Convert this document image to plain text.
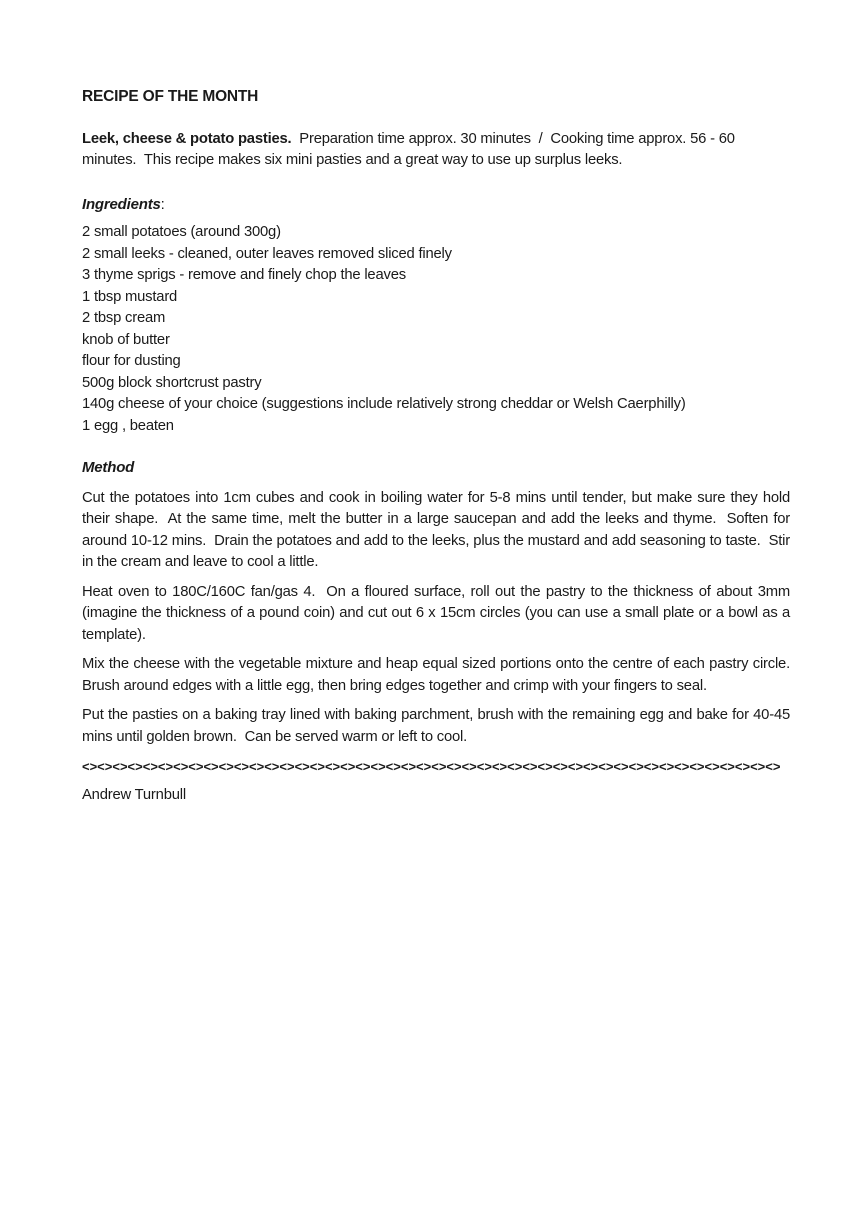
RECIPE OF THE MONTH
Leek, cheese & potato pasties.  Preparation time approx. 30 minutes  /  Cooking time approx. 56 - 60 minutes.  This recipe makes six mini pasties and a great way to use up surplus leeks.
Ingredients:
2 small potatoes (around 300g)
2 small leeks - cleaned, outer leaves removed sliced finely
3 thyme sprigs - remove and finely chop the leaves
1 tbsp mustard
2 tbsp cream
knob of butter
flour for dusting
500g block shortcrust pastry
140g cheese of your choice (suggestions include relatively strong cheddar or Welsh Caerphilly)
1 egg , beaten
Method
Cut the potatoes into 1cm cubes and cook in boiling water for 5-8 mins until tender, but make sure they hold their shape.  At the same time, melt the butter in a large saucepan and add the leeks and thyme.  Soften for around 10-12 mins.  Drain the potatoes and add to the leeks, plus the mustard and add seasoning to taste.  Stir in the cream and leave to cool a little.
Heat oven to 180C/160C fan/gas 4.  On a floured surface, roll out the pastry to the thickness of about 3mm (imagine the thickness of a pound coin) and cut out 6 x 15cm circles (you can use a small plate or a bowl as a template).
Mix the cheese with the vegetable mixture and heap equal sized portions onto the centre of each pastry circle.  Brush around edges with a little egg, then bring edges together and crimp with your fingers to seal.
Put the pasties on a baking tray lined with baking parchment, brush with the remaining egg and bake for 40-45 mins until golden brown.  Can be served warm or left to cool.
<><><><><><><><><><><><><><><><><><><><><><><><><><><><><><><><><><><><><><><><><><><><><><>
Andrew Turnbull
